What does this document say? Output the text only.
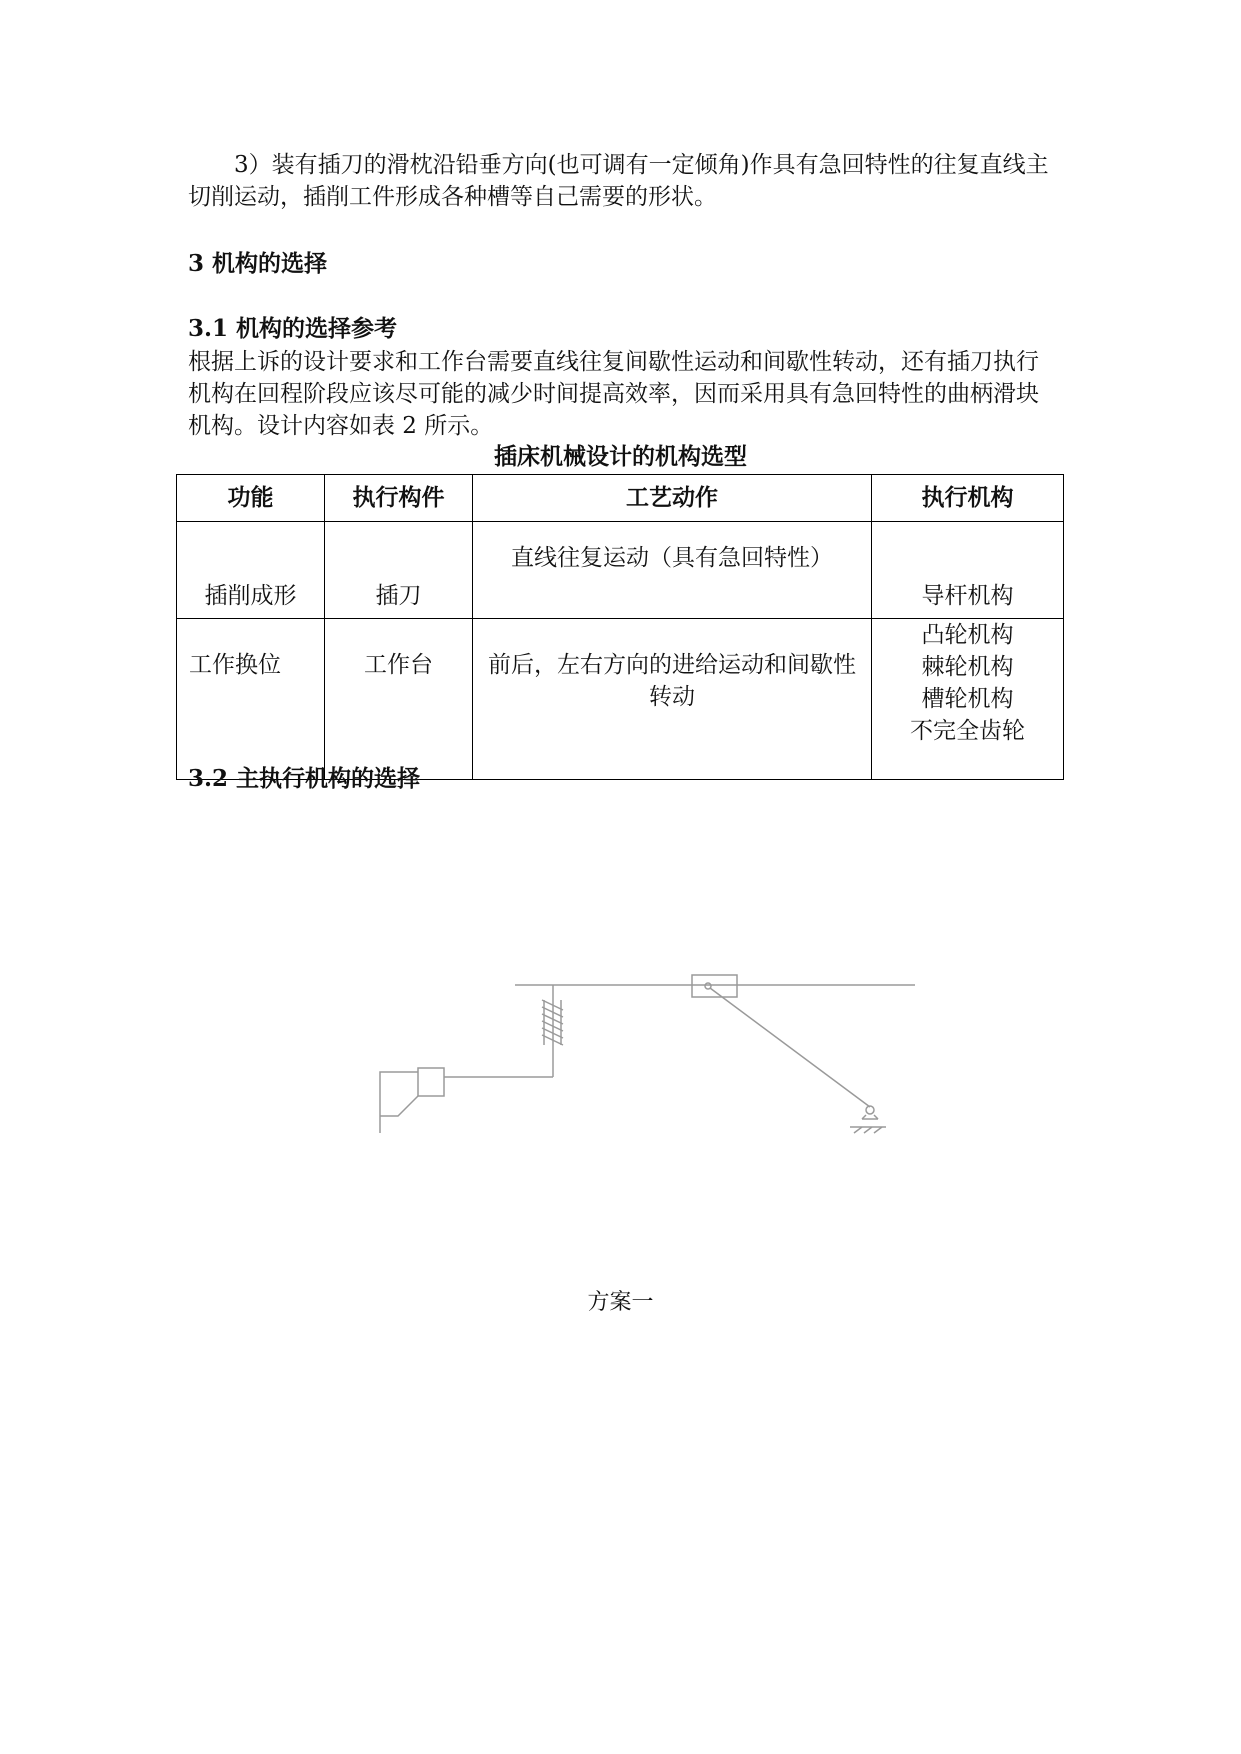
3）装有插刀的滑枕沿铅垂方向(也可调有一定倾角)作具有急回特性的往复直线主切削运动，插削工件形成各种槽等自己需要的形状。

3 机构的选择
3.1 机构的选择参考

根据上诉的设计要求和工作台需要直线往复间歇性运动和间歇性转动，还有插刀执行机构在回程阶段应该尽可能的减少时间提高效率，因而采用具有急回特性的曲柄滑块机构。设计内容如表 2 所示。

插床机械设计的机构选型

功能	执行构件	工艺动作	执行机构
插削成形	插刀	直线往复运动（具有急回特性）	导杆机构
工作换位	工作台	前后，左右方向的进给运动和间歇性转动	凸轮机构
棘轮机构
槽轮机构
不完全齿轮
3.2 主执行机构的选择

方案一
